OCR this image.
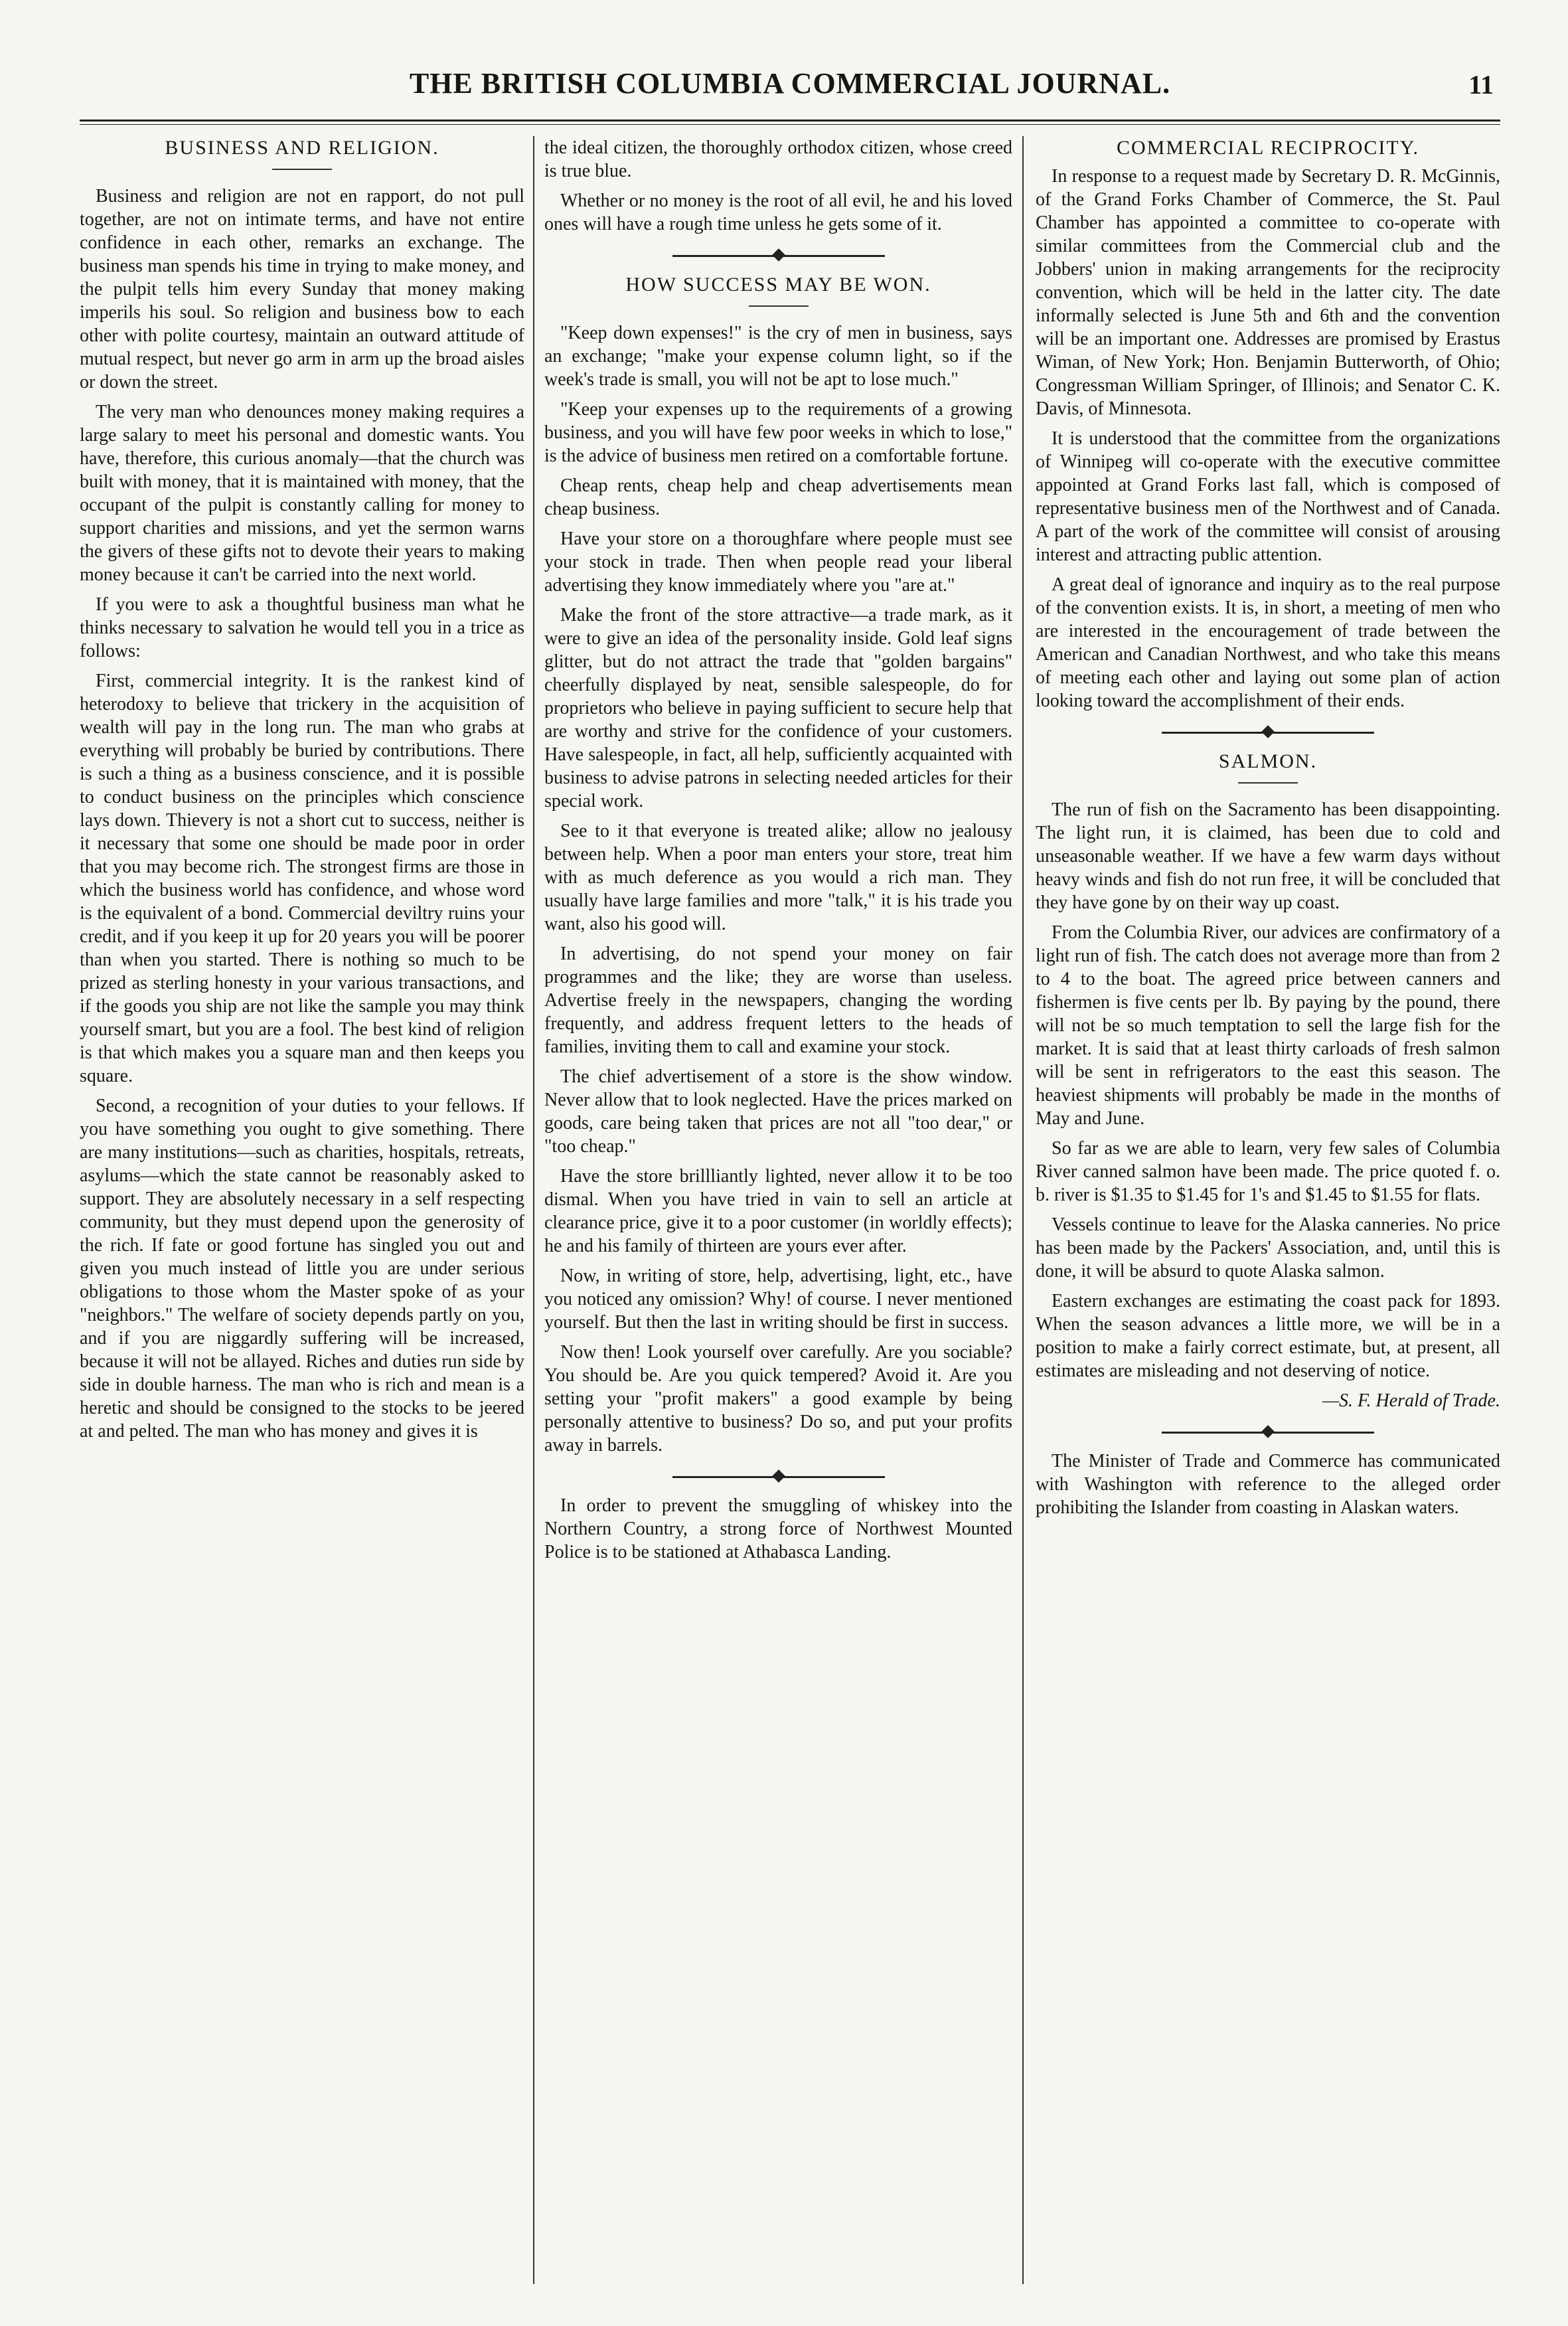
THE BRITISH COLUMBIA COMMERCIAL JOURNAL.	11
BUSINESS AND RELIGION.

Business and religion are not en rapport, do not pull together, are not on intimate terms, and have not entire confidence in each other, remarks an exchange. The business man spends his time in trying to make money, and the pulpit tells him every Sunday that money making imperils his soul. So religion and business bow to each other with polite courtesy, maintain an outward attitude of mutual respect, but never go arm in arm up the broad aisles or down the street.

The very man who denounces money making requires a large salary to meet his personal and domestic wants. You have, therefore, this curious anomaly—that the church was built with money, that it is maintained with money, that the occupant of the pulpit is constantly calling for money to support charities and missions, and yet the sermon warns the givers of these gifts not to devote their years to making money because it can't be carried into the next world.

If you were to ask a thoughtful business man what he thinks necessary to salvation he would tell you in a trice as follows:

First, commercial integrity. It is the rankest kind of heterodoxy to believe that trickery in the acquisition of wealth will pay in the long run. The man who grabs at everything will probably be buried by contributions. There is such a thing as a business conscience, and it is possible to conduct business on the principles which conscience lays down. Thievery is not a short cut to success, neither is it necessary that some one should be made poor in order that you may become rich. The strongest firms are those in which the business world has confidence, and whose word is the equivalent of a bond. Commercial deviltry ruins your credit, and if you keep it up for 20 years you will be poorer than when you started. There is nothing so much to be prized as sterling honesty in your various transactions, and if the goods you ship are not like the sample you may think yourself smart, but you are a fool. The best kind of religion is that which makes you a square man and then keeps you square.

Second, a recognition of your duties to your fellows. If you have something you ought to give something. There are many institutions—such as charities, hospitals, retreats, asylums—which the state cannot be reasonably asked to support. They are absolutely necessary in a self respecting community, but they must depend upon the generosity of the rich. If fate or good fortune has singled you out and given you much instead of little you are under serious obligations to those whom the Master spoke of as your "neighbors." The welfare of society depends partly on you, and if you are niggardly suffering will be increased, because it will not be allayed. Riches and duties run side by side in double harness. The man who is rich and mean is a heretic and should be consigned to the stocks to be jeered at and pelted. The man who has money and gives it is

the ideal citizen, the thoroughly orthodox citizen, whose creed is true blue.

Whether or no money is the root of all evil, he and his loved ones will have a rough time unless he gets some of it.

HOW SUCCESS MAY BE WON.

"Keep down expenses!" is the cry of men in business, says an exchange; "make your expense column light, so if the week's trade is small, you will not be apt to lose much."

"Keep your expenses up to the requirements of a growing business, and you will have few poor weeks in which to lose," is the advice of business men retired on a comfortable fortune.

Cheap rents, cheap help and cheap advertisements mean cheap business.

Have your store on a thoroughfare where people must see your stock in trade. Then when people read your liberal advertising they know immediately where you "are at."

Make the front of the store attractive—a trade mark, as it were to give an idea of the personality inside. Gold leaf signs glitter, but do not attract the trade that "golden bargains" cheerfully displayed by neat, sensible salespeople, do for proprietors who believe in paying sufficient to secure help that are worthy and strive for the confidence of your customers. Have salespeople, in fact, all help, sufficiently acquainted with business to advise patrons in selecting needed articles for their special work.

See to it that everyone is treated alike; allow no jealousy between help. When a poor man enters your store, treat him with as much deference as you would a rich man. They usually have large families and more "talk," it is his trade you want, also his good will.

In advertising, do not spend your money on fair programmes and the like; they are worse than useless. Advertise freely in the newspapers, changing the wording frequently, and address frequent letters to the heads of families, inviting them to call and examine your stock.

The chief advertisement of a store is the show window. Never allow that to look neglected. Have the prices marked on goods, care being taken that prices are not all "too dear," or "too cheap."

Have the store brillliantly lighted, never allow it to be too dismal. When you have tried in vain to sell an article at clearance price, give it to a poor customer (in worldly effects); he and his family of thirteen are yours ever after.

Now, in writing of store, help, advertising, light, etc., have you noticed any omission? Why! of course. I never mentioned yourself. But then the last in writing should be first in success.

Now then! Look yourself over carefully. Are you sociable? You should be. Are you quick tempered? Avoid it. Are you setting your "profit makers" a good example by being personally attentive to business? Do so, and put your profits away in barrels.

In order to prevent the smuggling of whiskey into the Northern Country, a strong force of Northwest Mounted Police is to be stationed at Athabasca Landing.

COMMERCIAL RECIPROCITY.

In response to a request made by Secretary D. R. McGinnis, of the Grand Forks Chamber of Commerce, the St. Paul Chamber has appointed a committee to co-operate with similar committees from the Commercial club and the Jobbers' union in making arrangements for the reciprocity convention, which will be held in the latter city. The date informally selected is June 5th and 6th and the convention will be an important one. Addresses are promised by Erastus Wiman, of New York; Hon. Benjamin Butterworth, of Ohio; Congressman William Springer, of Illinois; and Senator C. K. Davis, of Minnesota.

It is understood that the committee from the organizations of Winnipeg will co-operate with the executive committee appointed at Grand Forks last fall, which is composed of representative business men of the Northwest and of Canada. A part of the work of the committee will consist of arousing interest and attracting public attention.

A great deal of ignorance and inquiry as to the real purpose of the convention exists. It is, in short, a meeting of men who are interested in the encouragement of trade between the American and Canadian Northwest, and who take this means of meeting each other and laying out some plan of action looking toward the accomplishment of their ends.

SALMON.

The run of fish on the Sacramento has been disappointing. The light run, it is claimed, has been due to cold and unseasonable weather. If we have a few warm days without heavy winds and fish do not run free, it will be concluded that they have gone by on their way up coast.

From the Columbia River, our advices are confirmatory of a light run of fish. The catch does not average more than from 2 to 4 to the boat. The agreed price between canners and fishermen is five cents per lb. By paying by the pound, there will not be so much temptation to sell the large fish for the market. It is said that at least thirty carloads of fresh salmon will be sent in refrigerators to the east this season. The heaviest shipments will probably be made in the months of May and June.

So far as we are able to learn, very few sales of Columbia River canned salmon have been made. The price quoted f. o. b. river is $1.35 to $1.45 for 1's and $1.45 to $1.55 for flats.

Vessels continue to leave for the Alaska canneries. No price has been made by the Packers' Association, and, until this is done, it will be absurd to quote Alaska salmon.

Eastern exchanges are estimating the coast pack for 1893. When the season advances a little more, we will be in a position to make a fairly correct estimate, but, at present, all estimates are misleading and not deserving of notice.

—S. F. Herald of Trade.

The Minister of Trade and Commerce has communicated with Washington with reference to the alleged order prohibiting the Islander from coasting in Alaskan waters.
